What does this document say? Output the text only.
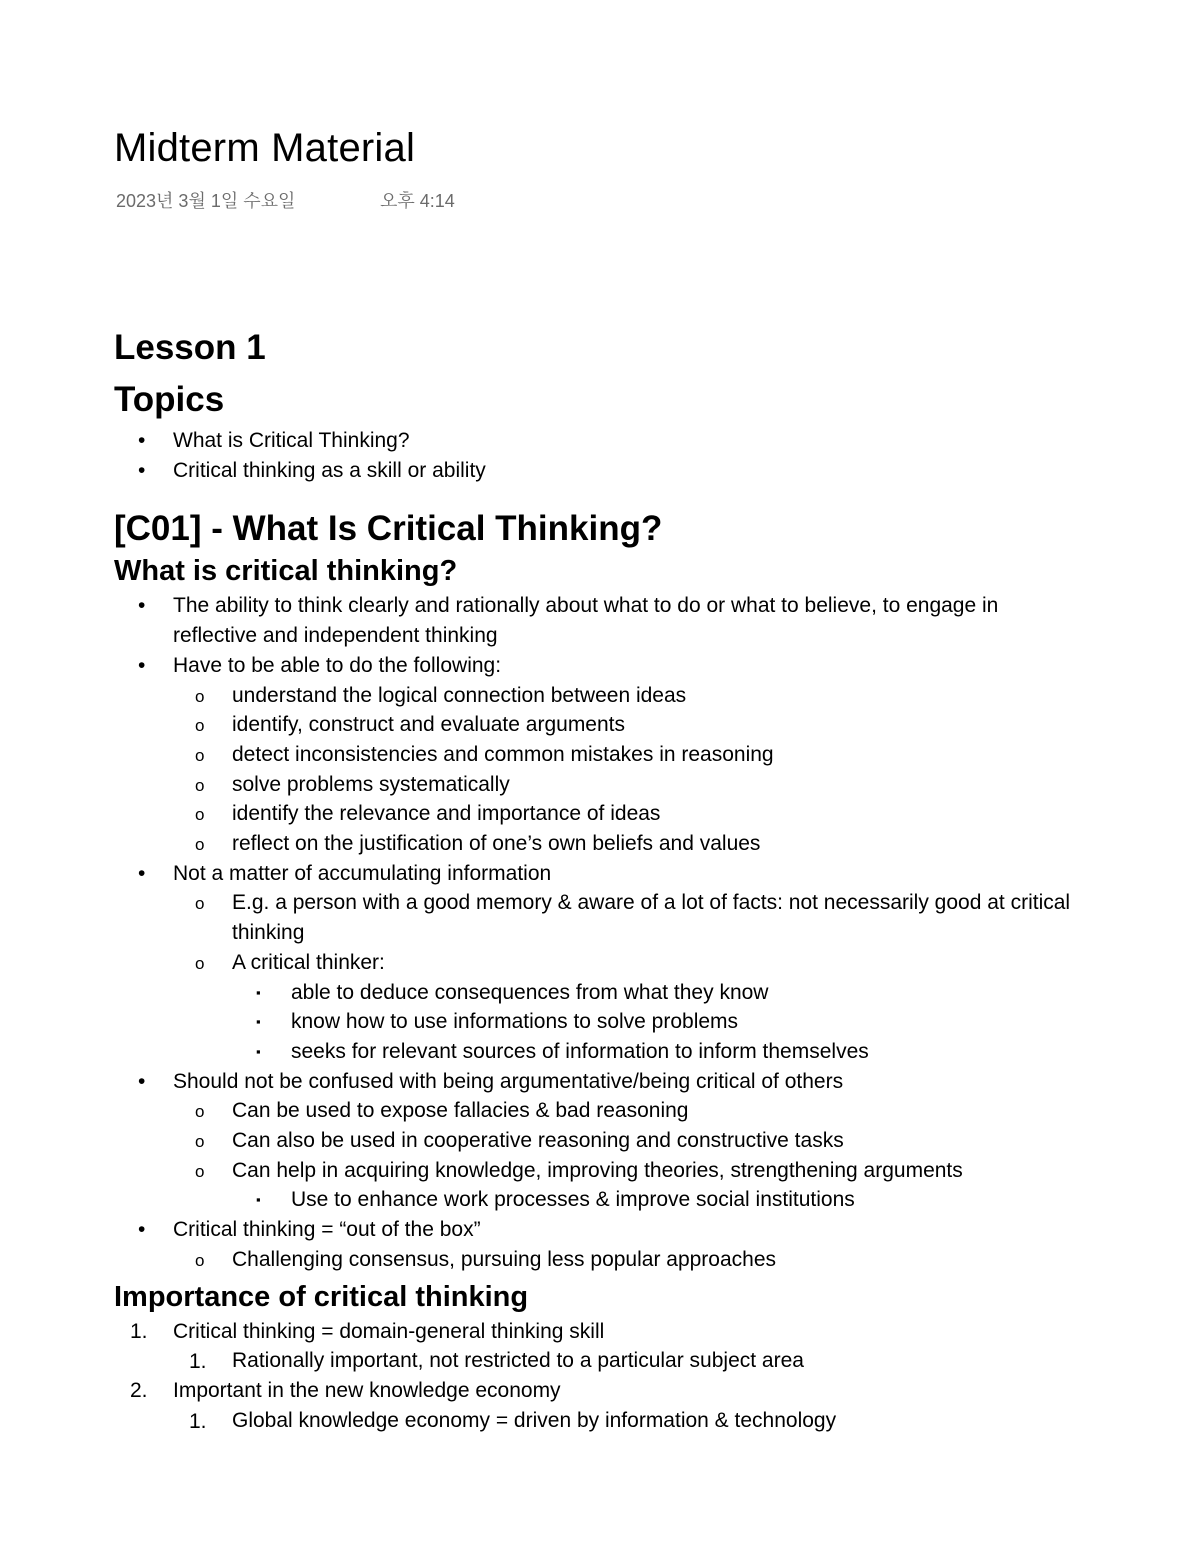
Midterm Material
2023년 3월 1일 수요일	오후 4:14
Lesson 1
Topics
•	What is Critical Thinking?
•	Critical thinking as a skill or ability
[C01] - What Is Critical Thinking?
What is critical thinking?
•	The ability to think clearly and rationally about what to do or what to believe, to engage in reflective and independent thinking
•	Have to be able to do the following:
o	understand the logical connection between ideas
o	identify, construct and evaluate arguments
o	detect inconsistencies and common mistakes in reasoning
o	solve problems systematically
o	identify the relevance and importance of ideas
o	reflect on the justification of one’s own beliefs and values
•	Not a matter of accumulating information
o	E.g. a person with a good memory & aware of a lot of facts: not necessarily good at critical thinking
o	A critical thinker:
▪	able to deduce consequences from what they know
▪	know how to use informations to solve problems
▪	seeks for relevant sources of information to inform themselves
•	Should not be confused with being argumentative/being critical of others
o	Can be used to expose fallacies & bad reasoning
o	Can also be used in cooperative reasoning and constructive tasks
o	Can help in acquiring knowledge, improving theories, strengthening arguments
▪	Use to enhance work processes & improve social institutions
•	Critical thinking = “out of the box”
o	Challenging consensus, pursuing less popular approaches
Importance of critical thinking
1.	Critical thinking = domain-general thinking skill
1.	Rationally important, not restricted to a particular subject area
2.	Important in the new knowledge economy
1.	Global knowledge economy = driven by information & technology
